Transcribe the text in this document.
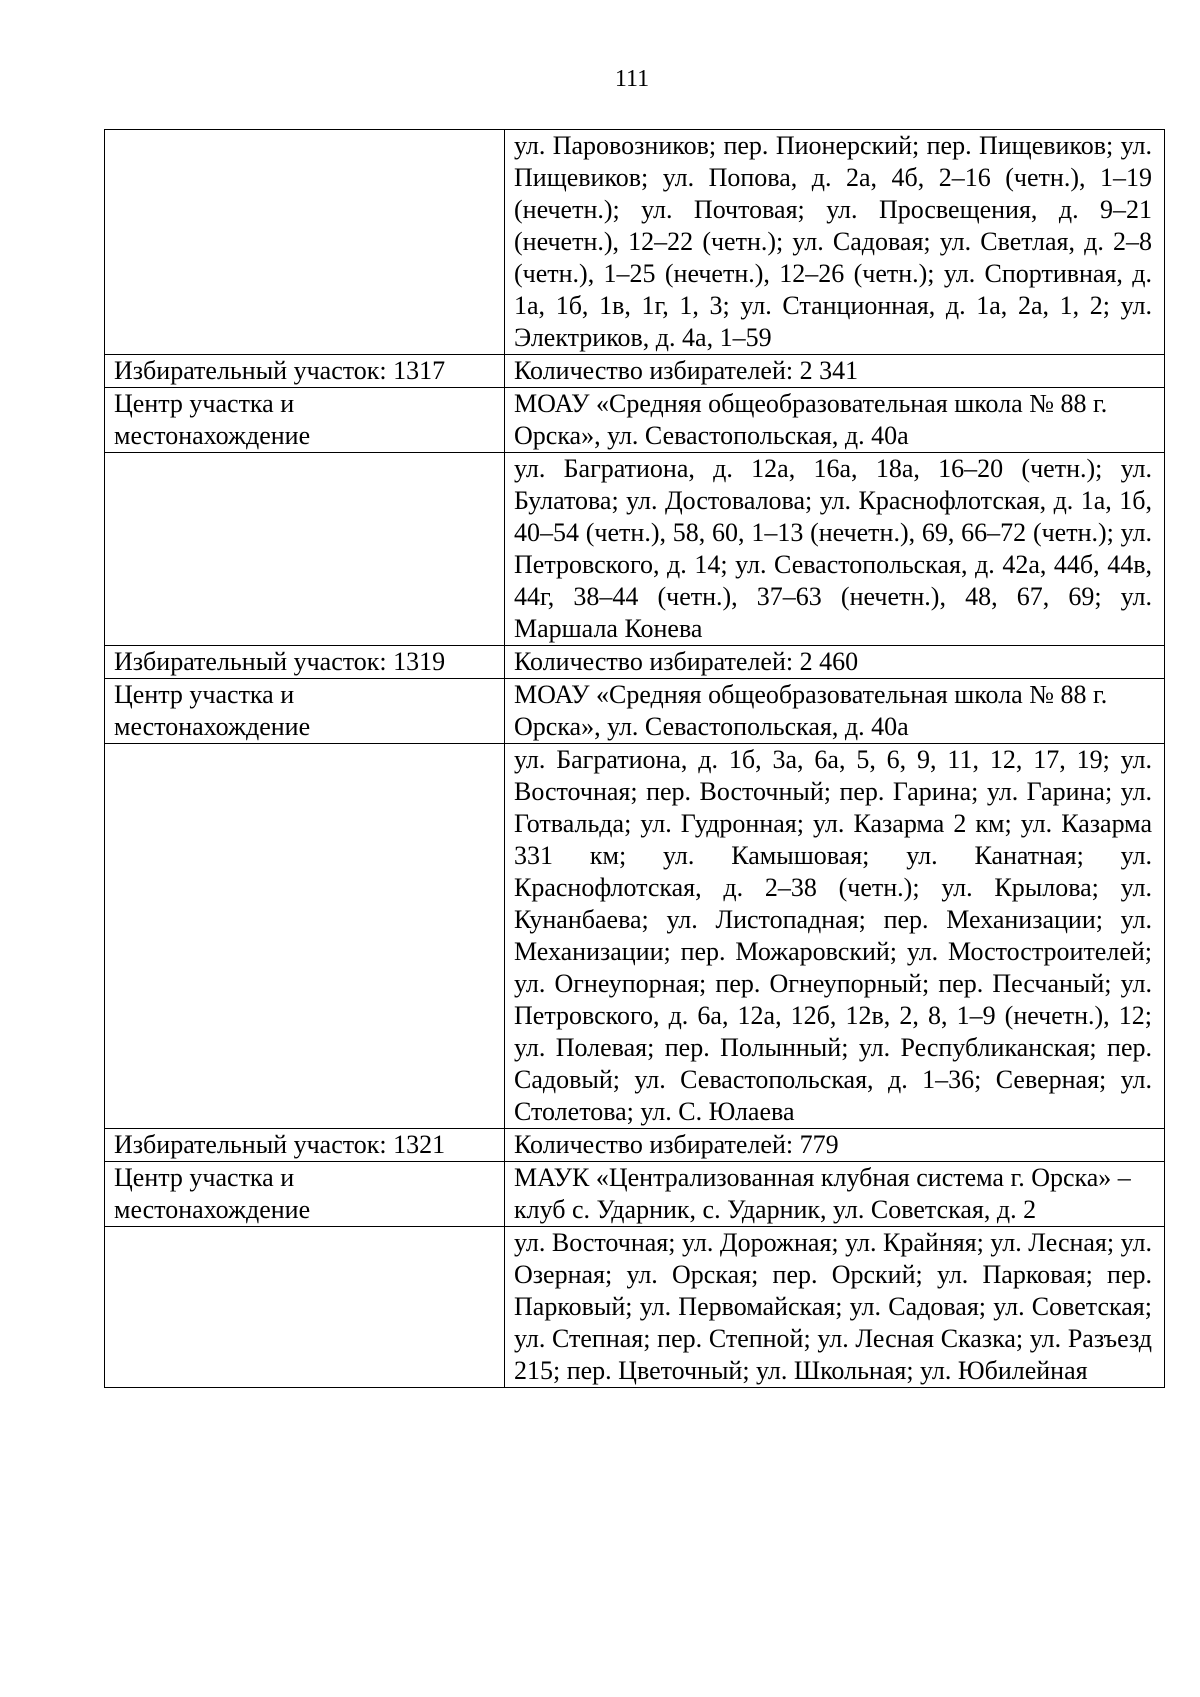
111
	ул. Паровозников; пер. Пионерский; пер. Пищевиков; ул. Пищевиков; ул. Попова, д. 2а, 4б, 2–16 (четн.), 1–19 (нечетн.); ул. Почтовая; ул. Просвещения, д. 9–21 (нечетн.), 12–22 (четн.); ул. Садовая; ул. Светлая, д. 2–8 (четн.), 1–25 (нечетн.), 12–26 (четн.); ул. Спортивная, д. 1а, 1б, 1в, 1г, 1, 3; ул. Станционная, д. 1а, 2а, 1, 2; ул. Электриков, д. 4а, 1–59
Избирательный участок: 1317	Количество избирателей: 2 341
Центр участка и местонахождение	МОАУ «Средняя общеобразовательная школа № 88 г. Орска», ул. Севастопольская, д. 40а
	ул. Багратиона, д. 12а, 16а, 18а, 16–20 (четн.); ул. Булатова; ул. Достовалова; ул. Краснофлотская, д. 1а, 1б, 40–54 (четн.), 58, 60, 1–13 (нечетн.), 69, 66–72 (четн.); ул. Петровского, д. 14; ул. Севастопольская, д. 42а, 44б, 44в, 44г, 38–44 (четн.), 37–63 (нечетн.), 48, 67, 69; ул. Маршала Конева
Избирательный участок: 1319	Количество избирателей: 2 460
Центр участка и местонахождение	МОАУ «Средняя общеобразовательная школа № 88 г. Орска», ул. Севастопольская, д. 40а
	ул. Багратиона, д. 1б, 3а, 6а, 5, 6, 9, 11, 12, 17, 19; ул. Восточная; пер. Восточный; пер. Гарина; ул. Гарина; ул. Готвальда; ул. Гудронная; ул. Казарма 2 км; ул. Казарма 331 км; ул. Камышовая; ул. Канатная; ул. Краснофлотская, д. 2–38 (четн.); ул. Крылова; ул. Кунанбаева; ул. Листопадная; пер. Механизации; ул. Механизации; пер. Можаровский; ул. Мостостроителей; ул. Огнеупорная; пер. Огнеупорный; пер. Песчаный; ул. Петровского, д. 6а, 12а, 12б, 12в, 2, 8, 1–9 (нечетн.), 12; ул. Полевая; пер. Полынный; ул. Республиканская; пер. Садовый; ул. Севастопольская, д. 1–36; Северная; ул. Столетова; ул. С. Юлаева
Избирательный участок: 1321	Количество избирателей: 779
Центр участка и местонахождение	МАУК «Централизованная клубная система г. Орска» – клуб с. Ударник, с. Ударник, ул. Советская, д. 2
	ул. Восточная; ул. Дорожная; ул. Крайняя; ул. Лесная; ул. Озерная; ул. Орская; пер. Орский; ул. Парковая; пер. Парковый; ул. Первомайская; ул. Садовая; ул. Советская; ул. Степная; пер. Степной; ул. Лесная Сказка; ул. Разъезд 215; пер. Цветочный; ул. Школьная; ул. Юбилейная
